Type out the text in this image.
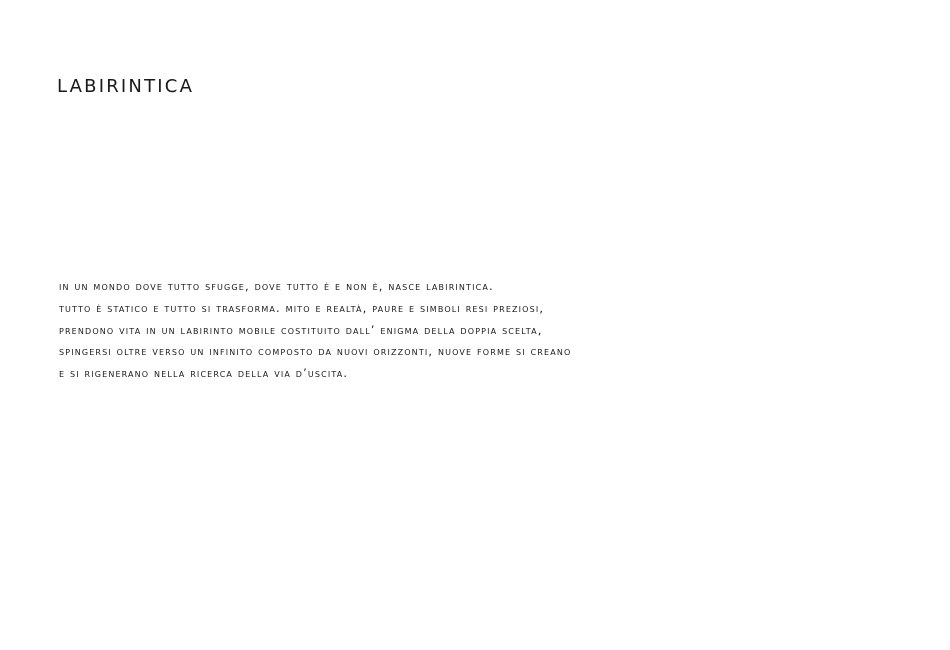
LABIRINTICA
in un mondo dove tutto sfugge, dove tutto è e non è, nasce labirintica.
tutto è statico e tutto si trasforma. mito e realtà, paure e simboli resi preziosi,
prendono vita in un labirinto mobile costituito dall’ enigma della doppia scelta,
spingersi oltre verso un infinito composto da nuovi orizzonti, nuove forme si creano
e si rigenerano nella ricerca della via d’uscita.
